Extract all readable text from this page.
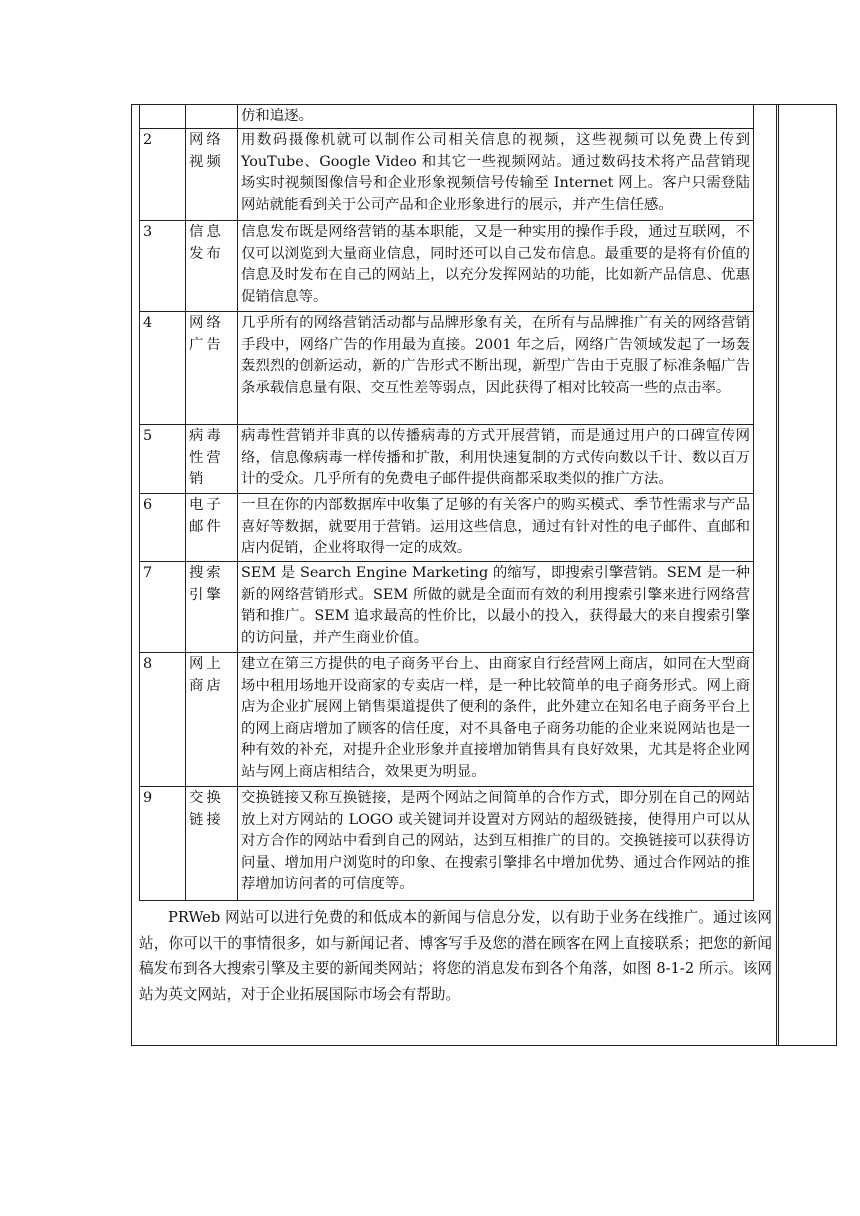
		仿和追逐。
2	网络视频	用数码摄像机就可以制作公司相关信息的视频，这些视频可以免费上传到YouTube、Google Video 和其它一些视频网站。通过数码技术将产品营销现场实时视频图像信号和企业形象视频信号传输至 Internet 网上。客户只需登陆网站就能看到关于公司产品和企业形象进行的展示，并产生信任感。
3	信息发布	信息发布既是网络营销的基本职能，又是一种实用的操作手段，通过互联网，不仅可以浏览到大量商业信息，同时还可以自己发布信息。最重要的是将有价值的信息及时发布在自己的网站上，以充分发挥网站的功能，比如新产品信息、优惠促销信息等。
4	网络广告	几乎所有的网络营销活动都与品牌形象有关，在所有与品牌推广有关的网络营销手段中，网络广告的作用最为直接。2001 年之后，网络广告领域发起了一场轰轰烈烈的创新运动，新的广告形式不断出现，新型广告由于克服了标准条幅广告条承载信息量有限、交互性差等弱点，因此获得了相对比较高一些的点击率。
5	病毒性营销	病毒性营销并非真的以传播病毒的方式开展营销，而是通过用户的口碑宣传网络，信息像病毒一样传播和扩散，利用快速复制的方式传向数以千计、数以百万计的受众。几乎所有的免费电子邮件提供商都采取类似的推广方法。
6	电子邮件	一旦在你的内部数据库中收集了足够的有关客户的购买模式、季节性需求与产品喜好等数据，就要用于营销。运用这些信息，通过有针对性的电子邮件、直邮和店内促销，企业将取得一定的成效。
7	搜索引擎	SEM 是 Search Engine Marketing 的缩写，即搜索引擎营销。SEM 是一种新的网络营销形式。SEM 所做的就是全面而有效的利用搜索引擎来进行网络营销和推广。SEM 追求最高的性价比，以最小的投入，获得最大的来自搜索引擎的访问量，并产生商业价值。
8	网上商店	建立在第三方提供的电子商务平台上、由商家自行经营网上商店，如同在大型商场中租用场地开设商家的专卖店一样，是一种比较简单的电子商务形式。网上商店为企业扩展网上销售渠道提供了便利的条件，此外建立在知名电子商务平台上的网上商店增加了顾客的信任度，对不具备电子商务功能的企业来说网站也是一种有效的补充，对提升企业形象并直接增加销售具有良好效果，尤其是将企业网站与网上商店相结合，效果更为明显。
9	交换链接	交换链接又称互换链接，是两个网站之间简单的合作方式，即分别在自己的网站放上对方网站的 LOGO 或关键词并设置对方网站的超级链接，使得用户可以从对方合作的网站中看到自己的网站，达到互相推广的目的。交换链接可以获得访问量、增加用户浏览时的印象、在搜索引擎排名中增加优势、通过合作网站的推荐增加访问者的可信度等。

PRWeb 网站可以进行免费的和低成本的新闻与信息分发，以有助于业务在线推广。通过该网站，你可以干的事情很多，如与新闻记者、博客写手及您的潜在顾客在网上直接联系；把您的新闻稿发布到各大搜索引擎及主要的新闻类网站；将您的消息发布到各个角落，如图 8-1-2 所示。该网站为英文网站，对于企业拓展国际市场会有帮助。
